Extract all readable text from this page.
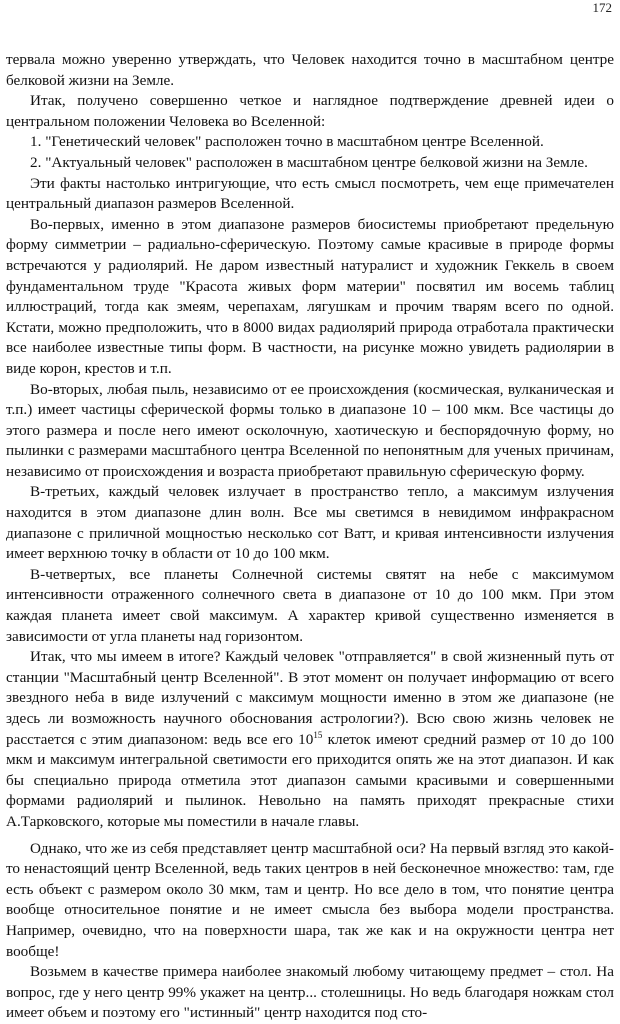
172

тервала можно уверенно утверждать, что Человек находится точно в масштабном центре белковой жизни на Земле.

Итак, получено совершенно четкое и наглядное подтверждение древней идеи о центральном положении Человека во Вселенной:

1. "Генетический человек" расположен точно в масштабном центре Вселенной.

2. "Актуальный человек" расположен в масштабном центре белковой жизни на Земле.

Эти факты настолько интригующие, что есть смысл посмотреть, чем еще примечателен центральный диапазон размеров Вселенной.

Во-первых, именно в этом диапазоне размеров биосистемы приобретают предельную форму симметрии – радиально-сферическую. Поэтому самые красивые в природе формы встречаются у радиолярий. Не даром известный натуралист и художник Геккель в своем фундаментальном труде "Красота живых форм материи" посвятил им восемь таблиц иллюстраций, тогда как змеям, черепахам, лягушкам и прочим тварям всего по одной. Кстати, можно предположить, что в 8000 видах радиолярий природа отработала практически все наиболее известные типы форм. В частности, на рисунке можно увидеть радиолярии в виде корон, крестов и т.п.

Во-вторых, любая пыль, независимо от ее происхождения (космическая, вулканическая и т.п.) имеет частицы сферической формы только в диапазоне 10 – 100 мкм. Все частицы до этого размера и после него имеют осколочную, хаотическую и беспорядочную форму, но пылинки с размерами масштабного центра Вселенной по непонятным для ученых причинам, независимо от происхождения и возраста приобретают правильную сферическую форму.

В-третьих, каждый человек излучает в пространство тепло, а максимум излучения находится в этом диапазоне длин волн. Все мы светимся в невидимом инфракрасном диапазоне с приличной мощностью несколько сот Ватт, и кривая интенсивности излучения имеет верхнюю точку в области от 10 до 100 мкм.

В-четвертых, все планеты Солнечной системы святят на небе с максимумом интенсивности отраженного солнечного света в диапазоне от 10 до 100 мкм. При этом каждая планета имеет свой максимум. А характер кривой существенно изменяется в зависимости от угла планеты над горизонтом.

Итак, что мы имеем в итоге? Каждый человек "отправляется" в свой жизненный путь от станции "Масштабный центр Вселенной". В этот момент он получает информацию от всего звездного неба в виде излучений с максимум мощности именно в этом же диапазоне (не здесь ли возможность научного обоснования астрологии?). Всю свою жизнь человек не расстается с этим диапазоном: ведь все его $10^{15}$ клеток имеют средний размер от 10 до 100 мкм и максимум интегральной светимости его приходится опять же на этот диапазон. И как бы специально природа отметила этот диапазон самыми красивыми и совершенными формами радиолярий и пылинок. Невольно на память приходят прекрасные стихи А.Тарковского, которые мы поместили в начале главы.

Однако, что же из себя представляет центр масштабной оси? На первый взгляд это какой-то ненастоящий центр Вселенной, ведь таких центров в ней бесконечное множество: там, где есть объект с размером около 30 мкм, там и центр. Но все дело в том, что понятие центра вообще относительное понятие и не имеет смысла без выбора модели пространства. Например, очевидно, что на поверхности шара, так же как и на окружности центра нет вообще!

Возьмем в качестве примера наиболее знакомый любому читающему предмет – стол. На вопрос, где у него центр 99% укажет на центр... столешницы. Но ведь благодаря ножкам стол имеет объем и поэтому его "истинный" центр находится под сто-
